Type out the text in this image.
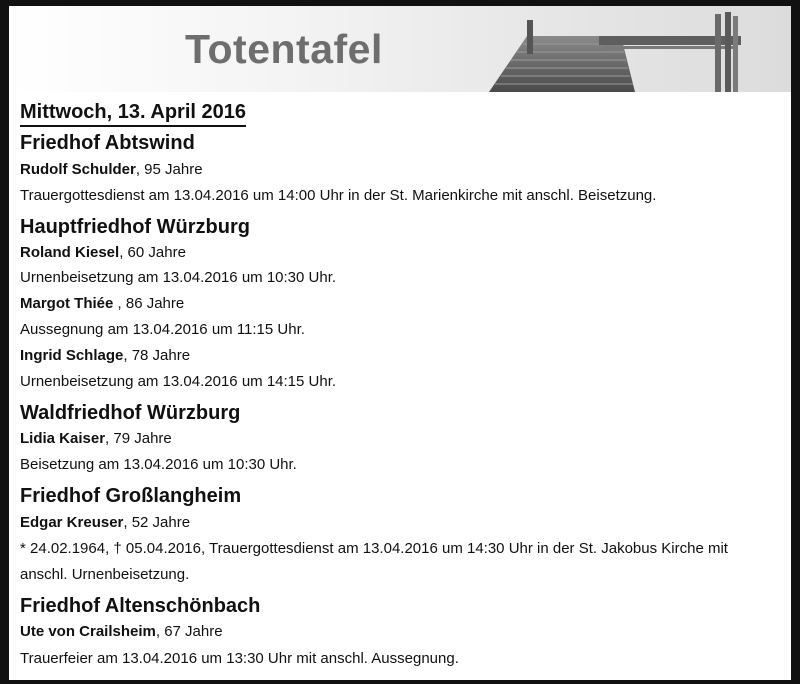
Totentafel
Mittwoch, 13. April 2016
Friedhof Abtswind
Rudolf Schulder, 95 Jahre
Trauergottesdienst am 13.04.2016 um 14:00 Uhr in der St. Marienkirche mit anschl. Beisetzung.
Hauptfriedhof Würzburg
Roland Kiesel, 60 Jahre
Urnenbeisetzung am 13.04.2016 um 10:30 Uhr.
Margot Thiée , 86 Jahre
Aussegnung am 13.04.2016 um 11:15 Uhr.
Ingrid Schlage, 78 Jahre
Urnenbeisetzung am 13.04.2016 um 14:15 Uhr.
Waldfriedhof Würzburg
Lidia Kaiser, 79 Jahre
Beisetzung am 13.04.2016 um 10:30 Uhr.
Friedhof Großlangheim
Edgar Kreuser, 52 Jahre
* 24.02.1964, † 05.04.2016, Trauergottesdienst am 13.04.2016 um 14:30 Uhr in der St. Jakobus Kirche mit
anschl. Urnenbeisetzung.
Friedhof Altenschönbach
Ute von Crailsheim, 67 Jahre
Trauerfeier am 13.04.2016 um 13:30 Uhr mit anschl. Aussegnung.
